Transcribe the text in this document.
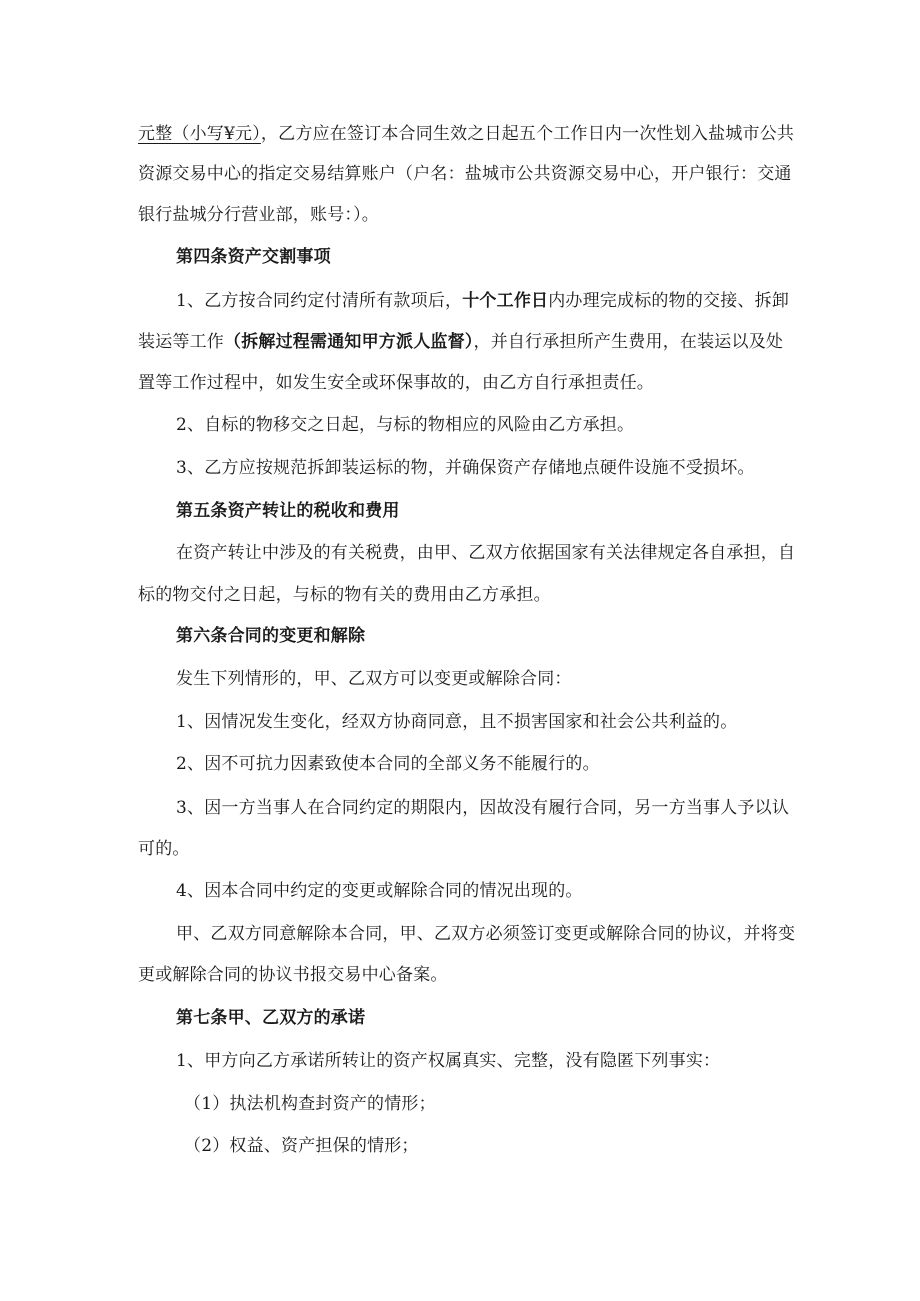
元整（小写¥元），乙方应在签订本合同生效之日起五个工作日内一次性划入盐城市公共
资源交易中心的指定交易结算账户（户名：盐城市公共资源交易中心，开户银行：交通
银行盐城分行营业部，账号：）。
第四条资产交割事项
1、乙方按合同约定付清所有款项后，十个工作日内办理完成标的物的交接、拆卸
装运等工作（拆解过程需通知甲方派人监督），并自行承担所产生费用，在装运以及处
置等工作过程中，如发生安全或环保事故的，由乙方自行承担责任。
2、自标的物移交之日起，与标的物相应的风险由乙方承担。
3、乙方应按规范拆卸装运标的物，并确保资产存储地点硬件设施不受损坏。
第五条资产转让的税收和费用
在资产转让中涉及的有关税费，由甲、乙双方依据国家有关法律规定各自承担，自
标的物交付之日起，与标的物有关的费用由乙方承担。
第六条合同的变更和解除
发生下列情形的，甲、乙双方可以变更或解除合同：
1、因情况发生变化，经双方协商同意，且不损害国家和社会公共利益的。
2、因不可抗力因素致使本合同的全部义务不能履行的。
3、因一方当事人在合同约定的期限内，因故没有履行合同，另一方当事人予以认
可的。
4、因本合同中约定的变更或解除合同的情况出现的。
甲、乙双方同意解除本合同，甲、乙双方必须签订变更或解除合同的协议，并将变
更或解除合同的协议书报交易中心备案。
第七条甲、乙双方的承诺
1、甲方向乙方承诺所转让的资产权属真实、完整，没有隐匿下列事实：
（1）执法机构查封资产的情形；
（2）权益、资产担保的情形；
